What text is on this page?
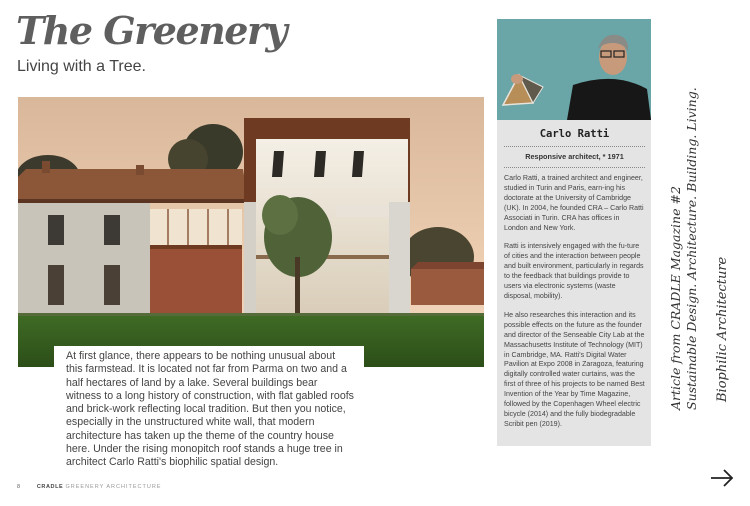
The Greenery
Living with a Tree.
At first glance, there appears to be nothing unusual about this farmstead. It is located not far from Parma on two and a half hectares of land by a lake. Several buildings bear witness to a long history of construction, with flat gabled roofs and brick-work reflecting local tradition. But then you notice, especially in the unstructured white wall, that modern architecture has taken up the theme of the country house here. Under the rising monopitch roof stands a huge tree in architect Carlo Ratti's biophilic spatial design.
Carlo Ratti
Responsive architect, * 1971

Carlo Ratti, a trained architect and engineer, studied in Turin and Paris, earn-ing his doctorate at the University of Cambridge (UK). In 2004, he founded CRA – Carlo Ratti Associati in Turin. CRA has offices in London and New York.

Ratti is intensively engaged with the fu-ture of cities and the interaction between people and built environment, particularly in regards to the feedback that buildings provide to users via electronic systems (waste disposal, mobility).

He also researches this interaction and its possible effects on the future as the founder and director of the Senseable City Lab at the Massachusetts Institute of Technology (MIT) in Cambridge, MA. Ratti's Digital Water Pavilion at Expo 2008 in Zaragoza, featuring digitally controlled water curtains, was the first of three of his projects to be named Best Invention of the Year by Time Magazine, followed by the Copenhagen Wheel electric bicycle (2014) and the fully biodegradable Scribit pen (2019).

Article from CRADLE Magazine #2 Sustainable Design. Architecture. Building. Living. Biophilic Architecture
8	CRADLE GREENERY ARCHITECTURE
